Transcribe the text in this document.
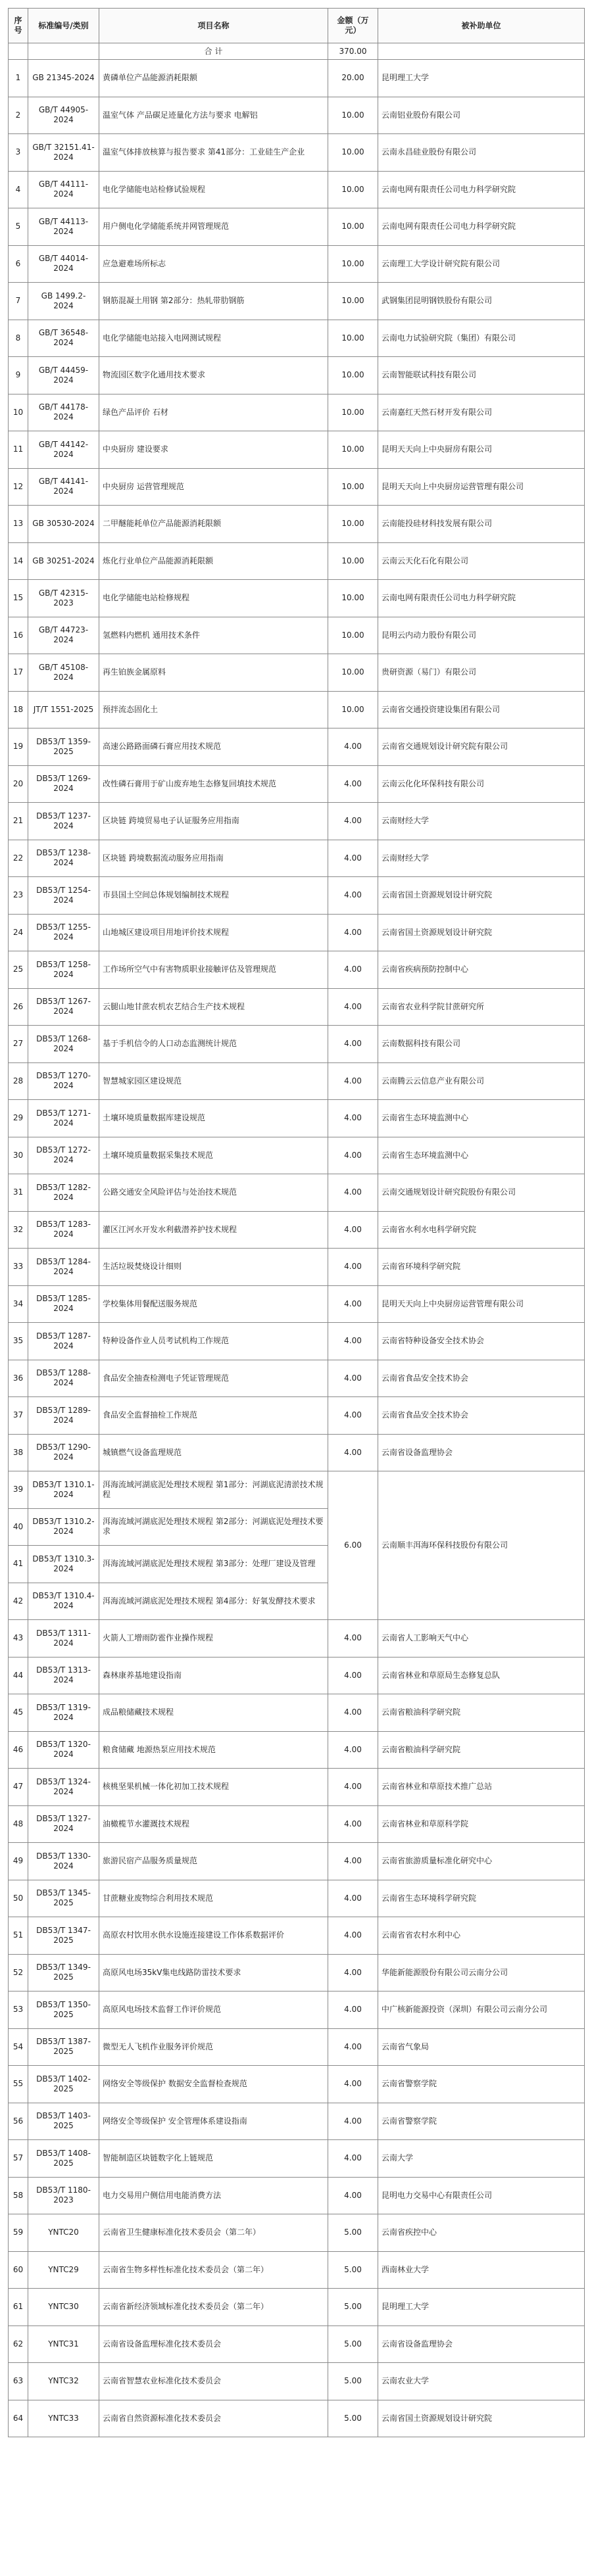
序号	标准编号/类别	项目名称	金额（万元）	被补助单位
		合 计	370.00	
1	GB 21345-2024	黄磷单位产品能源消耗限额	20.00	昆明理工大学
2	GB/T 44905-2024	温室气体 产品碳足迹量化方法与要求 电解铝	10.00	云南铝业股份有限公司
3	GB/T 32151.41-2024	温室气体排放核算与报告要求 第41部分：工业硅生产企业	10.00	云南永昌硅业股份有限公司
4	GB/T 44111-2024	电化学储能电站检修试验规程	10.00	云南电网有限责任公司电力科学研究院
5	GB/T 44113-2024	用户侧电化学储能系统并网管理规范	10.00	云南电网有限责任公司电力科学研究院
6	GB/T 44014-2024	应急避难场所标志	10.00	云南理工大学设计研究院有限公司
7	GB 1499.2-2024	钢筋混凝土用钢 第2部分：热轧带肋钢筋	10.00	武钢集团昆明钢铁股份有限公司
8	GB/T 36548-2024	电化学储能电站接入电网测试规程	10.00	云南电力试验研究院（集团）有限公司
9	GB/T 44459-2024	物流园区数字化通用技术要求	10.00	云南智能联试科技有限公司
10	GB/T 44178-2024	绿色产品评价 石材	10.00	云南嘉红天然石材开发有限公司
11	GB/T 44142-2024	中央厨房 建设要求	10.00	昆明天天向上中央厨房有限公司
12	GB/T 44141-2024	中央厨房 运营管理规范	10.00	昆明天天向上中央厨房运营管理有限公司
13	GB 30530-2024	二甲醚能耗单位产品能源消耗限额	10.00	云南能投硅材科技发展有限公司
14	GB 30251-2024	炼化行业单位产品能源消耗限额	10.00	云南云天化石化有限公司
15	GB/T 42315-2023	电化学储能电站检修规程	10.00	云南电网有限责任公司电力科学研究院
16	GB/T 44723-2024	氢燃料内燃机 通用技术条件	10.00	昆明云内动力股份有限公司
17	GB/T 45108-2024	再生铂族金属原料	10.00	贵研资源（易门）有限公司
18	JT/T 1551-2025	预拌流态固化土	10.00	云南省交通投资建设集团有限公司
19	DB53/T 1359-2025	高速公路路面磷石膏应用技术规范	4.00	云南省交通规划设计研究院有限公司
20	DB53/T 1269-2024	改性磷石膏用于矿山废弃地生态修复回填技术规范	4.00	云南云化化环保科技有限公司
21	DB53/T 1237-2024	区块链 跨境贸易电子认证服务应用指南	4.00	云南财经大学
22	DB53/T 1238-2024	区块链 跨境数据流动服务应用指南	4.00	云南财经大学
23	DB53/T 1254-2024	市县国土空间总体规划编制技术规程	4.00	云南省国土资源规划设计研究院
24	DB53/T 1255-2024	山地城区建设项目用地评价技术规程	4.00	云南省国土资源规划设计研究院
25	DB53/T 1258-2024	工作场所空气中有害物质职业接触评估及管理规范	4.00	云南省疾病预防控制中心
26	DB53/T 1267-2024	云腿山地甘蔗农机农艺结合生产技术规程	4.00	云南省农业科学院甘蔗研究所
27	DB53/T 1268-2024	基于手机信令的人口动态监测统计规范	4.00	云南数据科技有限公司
28	DB53/T 1270-2024	智慧城家园区建设规范	4.00	云南腾云云信息产业有限公司
29	DB53/T 1271-2024	土壤环境质量数据库建设规范	4.00	云南省生态环境监测中心
30	DB53/T 1272-2024	土壤环境质量数据采集技术规范	4.00	云南省生态环境监测中心
31	DB53/T 1282-2024	公路交通安全风险评估与处治技术规范	4.00	云南交通规划设计研究院股份有限公司
32	DB53/T 1283-2024	灌区江河水开发水利截潜养护技术规程	4.00	云南省水利水电科学研究院
33	DB53/T 1284-2024	生活垃圾焚烧设计细则	4.00	云南省环境科学研究院
34	DB53/T 1285-2024	学校集体用餐配送服务规范	4.00	昆明天天向上中央厨房运营管理有限公司
35	DB53/T 1287-2024	特种设备作业人员考试机构工作规范	4.00	云南省特种设备安全技术协会
36	DB53/T 1288-2024	食品安全抽查检测电子凭证管理规范	4.00	云南省食品安全技术协会
37	DB53/T 1289-2024	食品安全监督抽检工作规范	4.00	云南省食品安全技术协会
38	DB53/T 1290-2024	城镇燃气设备监理规范	4.00	云南省设备监理协会
39	DB53/T 1310.1-2024	洱海流域河湖底泥处理技术规程 第1部分：河湖底泥清淤技术规程	6.00	云南顺丰洱海环保科技股份有限公司
40	DB53/T 1310.2-2024	洱海流域河湖底泥处理技术规程 第2部分：河湖底泥处理技术要求		
41	DB53/T 1310.3-2024	洱海流域河湖底泥处理技术规程 第3部分：处理厂建设及管理		
42	DB53/T 1310.4-2024	洱海流域河湖底泥处理技术规程 第4部分：好氧发酵技术要求		
43	DB53/T 1311-2024	火箭人工增雨防雹作业操作规程	4.00	云南省人工影响天气中心
44	DB53/T 1313-2024	森林康养基地建设指南	4.00	云南省林业和草原局生态修复总队
45	DB53/T 1319-2024	成品粮储藏技术规程	4.00	云南省粮油科学研究院
46	DB53/T 1320-2024	粮食储藏 地源热泵应用技术规范	4.00	云南省粮油科学研究院
47	DB53/T 1324-2024	核桃坚果机械一体化初加工技术规程	4.00	云南省林业和草原技术推广总站
48	DB53/T 1327-2024	油橄榄节水灌溉技术规程	4.00	云南省林业和草原科学院
49	DB53/T 1330-2024	旅游民宿产品服务质量规范	4.00	云南省旅游质量标准化研究中心
50	DB53/T 1345-2025	甘蔗糖业废物综合利用技术规范	4.00	云南省生态环境科学研究院
51	DB53/T 1347-2025	高原农村饮用水供水设施连接建设工作体系数据评价	4.00	云南省省农村水利中心
52	DB53/T 1349-2025	高原风电场35kV集电线路防雷技术要求	4.00	华能新能源股份有限公司云南分公司
53	DB53/T 1350-2025	高原风电场技术监督工作评价规范	4.00	中广核新能源投资（深圳）有限公司云南分公司
54	DB53/T 1387-2025	微型无人飞机作业服务评价规范	4.00	云南省气象局
55	DB53/T 1402-2025	网络安全等级保护 数据安全监督检查规范	4.00	云南省警察学院
56	DB53/T 1403-2025	网络安全等级保护 安全管理体系建设指南	4.00	云南省警察学院
57	DB53/T 1408-2025	智能制造区块链数字化上链规范	4.00	云南大学
58	DB53/T 1180-2023	电力交易用户侧信用电能消费方法	4.00	昆明电力交易中心有限责任公司
59	YNTC20	云南省卫生健康标准化技术委员会（第二年）	5.00	云南省疾控中心
60	YNTC29	云南省生物多样性标准化技术委员会（第二年）	5.00	西南林业大学
61	YNTC30	云南省新经济领域标准化技术委员会（第二年）	5.00	昆明理工大学
62	YNTC31	云南省设备监理标准化技术委员会	5.00	云南省设备监理协会
63	YNTC32	云南省智慧农业标准化技术委员会	5.00	云南农业大学
64	YNTC33	云南省自然资源标准化技术委员会	5.00	云南省国土资源规划设计研究院
